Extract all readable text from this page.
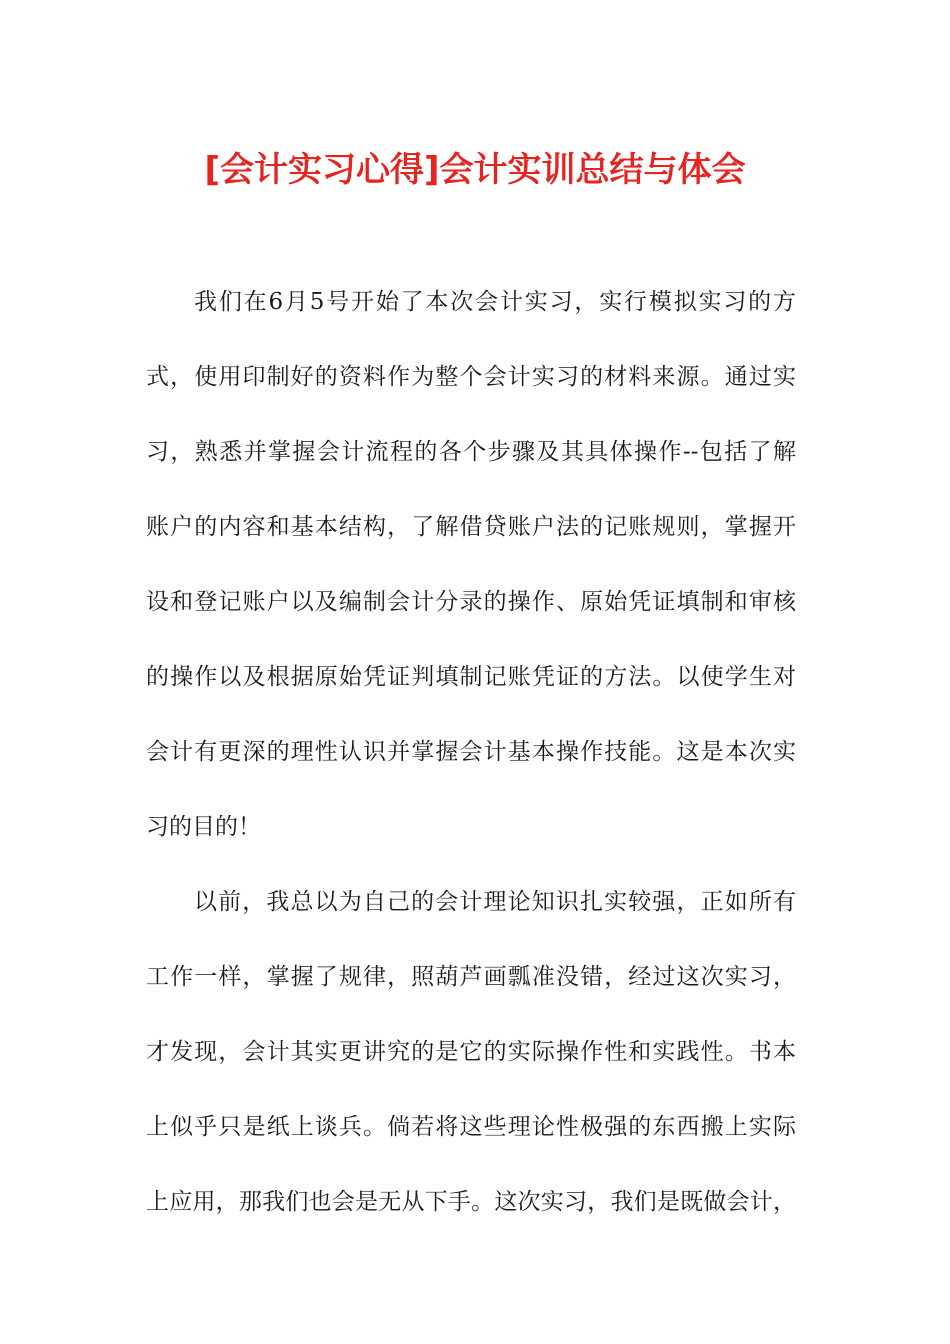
[会计实习心得]会计实训总结与体会

我们在6月5号开始了本次会计实习，实行模拟实习的方

式，使用印制好的资料作为整个会计实习的材料来源。通过实

习，熟悉并掌握会计流程的各个步骤及其具体操作--包括了解

账户的内容和基本结构，了解借贷账户法的记账规则，掌握开

设和登记账户以及编制会计分录的操作、原始凭证填制和审核

的操作以及根据原始凭证判填制记账凭证的方法。以使学生对

会计有更深的理性认识并掌握会计基本操作技能。这是本次实

习的目的！

以前，我总以为自己的会计理论知识扎实较强，正如所有

工作一样，掌握了规律，照葫芦画瓢准没错，经过这次实习，

才发现，会计其实更讲究的是它的实际操作性和实践性。书本

上似乎只是纸上谈兵。倘若将这些理论性极强的东西搬上实际

上应用，那我们也会是无从下手。这次实习，我们是既做会计，
